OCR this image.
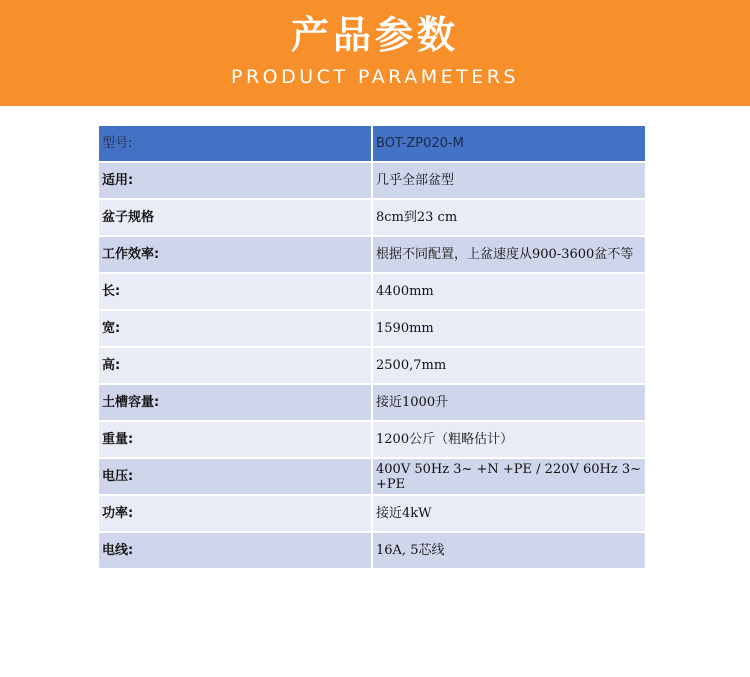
产品参数
PRODUCT PARAMETERS
型号:	BOT-ZP020-M
适用:	几乎全部盆型
盆子规格	8cm到23 cm
工作效率:	根据不同配置，上盆速度从900-3600盆不等
长:	4400mm
宽:	1590mm
高:	2500,7mm
土槽容量:	接近1000升
重量:	1200公斤（粗略估计）
电压:	400V 50Hz 3~ +N +PE / 220V 60Hz 3~ +PE
功率:	接近4kW
电线:	16A, 5芯线
